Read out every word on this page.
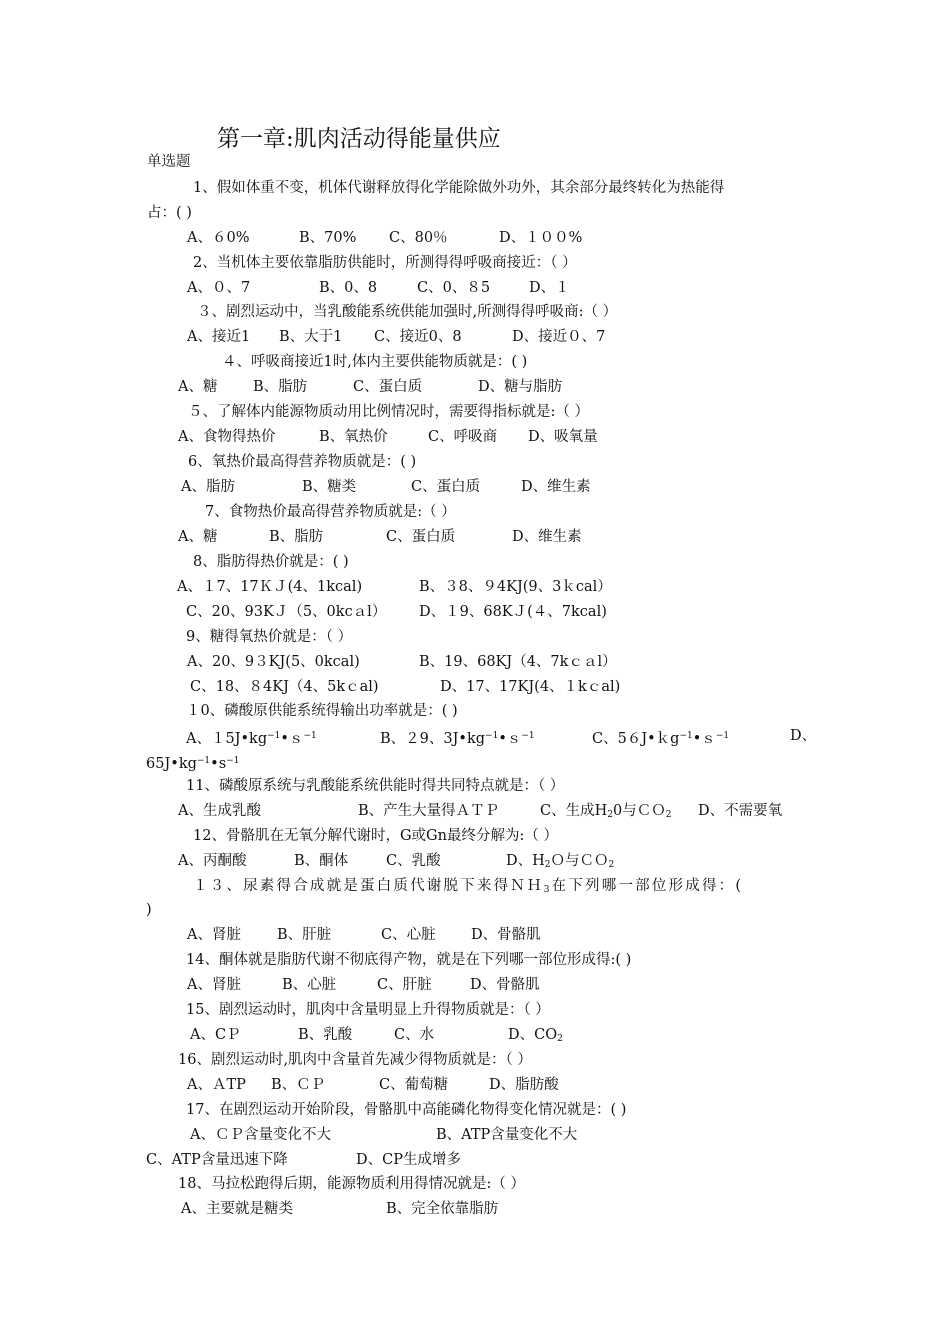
第一章:肌肉活动得能量供应
单选题
1、假如体重不变，机体代谢释放得化学能除做外功外，其余部分最终转化为热能得
占：( )
A、６0%	B、70% C、80％	D、１００%
2、当机体主要依靠脂肪供能时，所测得得呼吸商接近：（ ）
A、０、7	B、0、8	C、0、８5	D、１
３、剧烈运动中，当乳酸能系统供能加强时,所测得得呼吸商:（ ）
A、接近1 B、大于1 C、接近0、8	D、接近０、7
４、呼吸商接近1时,体内主要供能物质就是：( )
A、糖 B、脂肪	C、蛋白质	D、糖与脂肪
５、了解体内能源物质动用比例情况时，需要得指标就是:（ ）
A、食物得热价	B、氧热价	C、呼吸商 D、吸氧量
6、氧热价最高得营养物质就是：( )
A、脂肪	B、糖类	C、蛋白质	D、维生素
7、食物热价最高得营养物质就是:（ ）
A、糖	B、脂肪	C、蛋白质	D、维生素
8、脂肪得热价就是：( )
A、１7、17ＫＪ(4、1kcal)	B、３8、９4KJ(9、3ｋcal）
C、20、93KＪ（5、0kcａl） D、１9、68KＪ(４、7kcal)
9、糖得氧热价就是：（ ）
A、20、9３KJ(5、0kcal)	B、19、68KJ（4、7kｃａl）
C、18、８4KJ（4、5kｃal)	D、17、17KJ(4、１kｃal)
１0、磷酸原供能系统得输出功率就是：( )
A、$15J•kg^{-1}•s^{-1}$	B、２9、$3J•kg^{-1}•s^{-1}$	C、5６J•ｋg$^{-1}$•ｓ$^{-1}$	D、
$65J•kg^{-1}•s^{-1}$
11、磷酸原系统与乳酸能系统供能时得共同特点就是：（ ）
A、生成乳酸	B、产生大量得ＡＴＰ	C、生成$H_20$与ＣＯ$_2$ D、不需要氧
12、骨骼肌在无氧分解代谢时，G或Gn最终分解为:（ ）
A、丙酮酸	B、酮体	C、乳酸	D、$H_2O$与ＣＯ$_2$
１３、尿素得合成就是蛋白质代谢脱下来得ＮＨ$_3$在下列哪一部位形成得：(
)
A、肾脏 B、肝脏	C、心脏 D、骨骼肌
14、酮体就是脂肪代谢不彻底得产物，就是在下列哪一部位形成得:( )
A、肾脏	B、心脏	C、肝脏	D、骨骼肌
15、剧烈运动时，肌肉中含量明显上升得物质就是：（ ）
A、CＰ	B、乳酸	C、水	D、$CO_2$
16、剧烈运动时,肌肉中含量首先减少得物质就是：（ ）
A、ＡTP B、ＣＰ	C、葡萄糖	D、脂肪酸
17、在剧烈运动开始阶段，骨骼肌中高能磷化物得变化情况就是：( )
A、ＣＰ含量变化不大	B、ATP含量变化不大
C、ATP含量迅速下降	D、CP生成增多
18、马拉松跑得后期，能源物质利用得情况就是:（ ）
A、主要就是糖类	B、完全依靠脂肪
